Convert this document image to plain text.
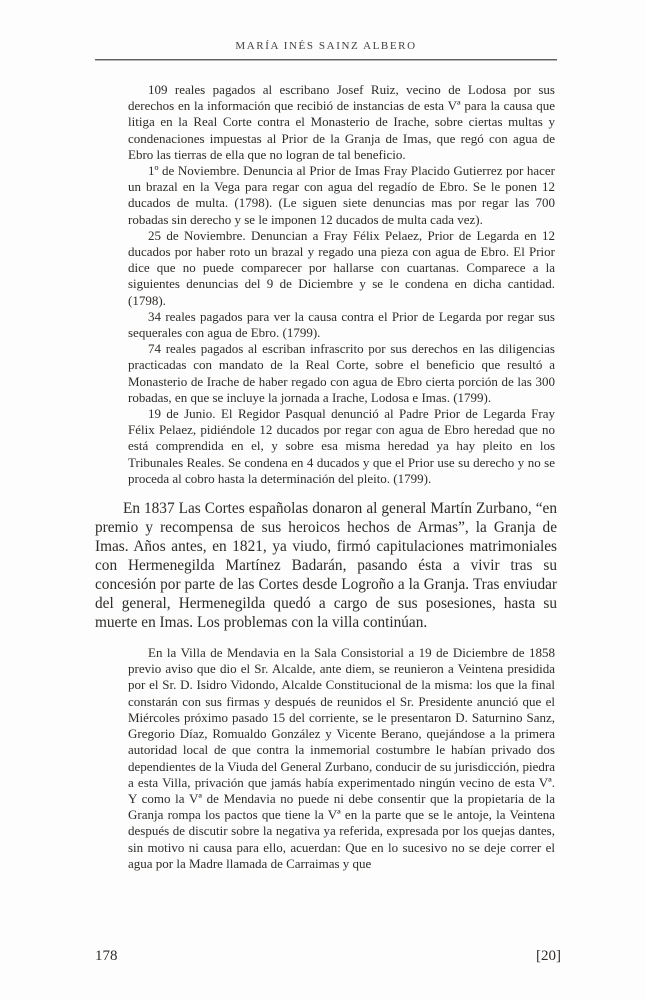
MARÍA INÉS SAINZ ALBERO

109 reales pagados al escribano Josef Ruiz, vecino de Lodosa por sus derechos en la información que recibió de instancias de esta Vª para la causa que litiga en la Real Corte contra el Monasterio de Irache, sobre ciertas multas y condenaciones impuestas al Prior de la Granja de Imas, que regó con agua de Ebro las tierras de ella que no logran de tal beneficio.

1º de Noviembre. Denuncia al Prior de Imas Fray Placido Gutierrez por hacer un brazal en la Vega para regar con agua del regadío de Ebro. Se le ponen 12 ducados de multa. (1798). (Le siguen siete denuncias mas por regar las 700 robadas sin derecho y se le imponen 12 ducados de multa cada vez).

25 de Noviembre. Denuncian a Fray Félix Pelaez, Prior de Legarda en 12 ducados por haber roto un brazal y regado una pieza con agua de Ebro. El Prior dice que no puede comparecer por hallarse con cuartanas. Comparece a la siguientes denuncias del 9 de Diciembre y se le condena en dicha cantidad. (1798).

34 reales pagados para ver la causa contra el Prior de Legarda por regar sus sequerales con agua de Ebro. (1799).

74 reales pagados al escriban infrascrito por sus derechos en las diligencias practicadas con mandato de la Real Corte, sobre el beneficio que resultó a Monasterio de Irache de haber regado con agua de Ebro cierta porción de las 300 robadas, en que se incluye la jornada a Irache, Lodosa e Imas. (1799).

19 de Junio. El Regidor Pasqual denunció al Padre Prior de Legarda Fray Félix Pelaez, pidiéndole 12 ducados por regar con agua de Ebro heredad que no está comprendida en el, y sobre esa misma heredad ya hay pleito en los Tribunales Reales. Se condena en 4 ducados y que el Prior use su derecho y no se proceda al cobro hasta la determinación del pleito. (1799).

En 1837 Las Cortes españolas donaron al general Martín Zurbano, “en premio y recompensa de sus heroicos hechos de Armas”, la Granja de Imas. Años antes, en 1821, ya viudo, firmó capitulaciones matrimoniales con Hermenegilda Martínez Badarán, pasando ésta a vivir tras su concesión por parte de las Cortes desde Logroño a la Granja. Tras enviudar del general, Hermenegilda quedó a cargo de sus posesiones, hasta su muerte en Imas. Los problemas con la villa continúan.

En la Villa de Mendavia en la Sala Consistorial a 19 de Diciembre de 1858 previo aviso que dio el Sr. Alcalde, ante diem, se reunieron a Veintena presidida por el Sr. D. Isidro Vidondo, Alcalde Constitucional de la misma: los que la final constarán con sus firmas y después de reunidos el Sr. Presidente anunció que el Miércoles próximo pasado 15 del corriente, se le presentaron D. Saturnino Sanz, Gregorio Díaz, Romualdo González y Vicente Berano, quejándose a la primera autoridad local de que contra la inmemorial costumbre le habían privado dos dependientes de la Viuda del General Zurbano, conducir de su jurisdicción, piedra a esta Villa, privación que jamás había experimentado ningún vecino de esta Vª. Y como la Vª de Mendavia no puede ni debe consentir que la propietaria de la Granja rompa los pactos que tiene la Vª en la parte que se le antoje, la Veintena después de discutir sobre la negativa ya referida, expresada por los quejas dantes, sin motivo ni causa para ello, acuerdan: Que en lo sucesivo no se deje correr el agua por la Madre llamada de Carraimas y que

178	[20]
